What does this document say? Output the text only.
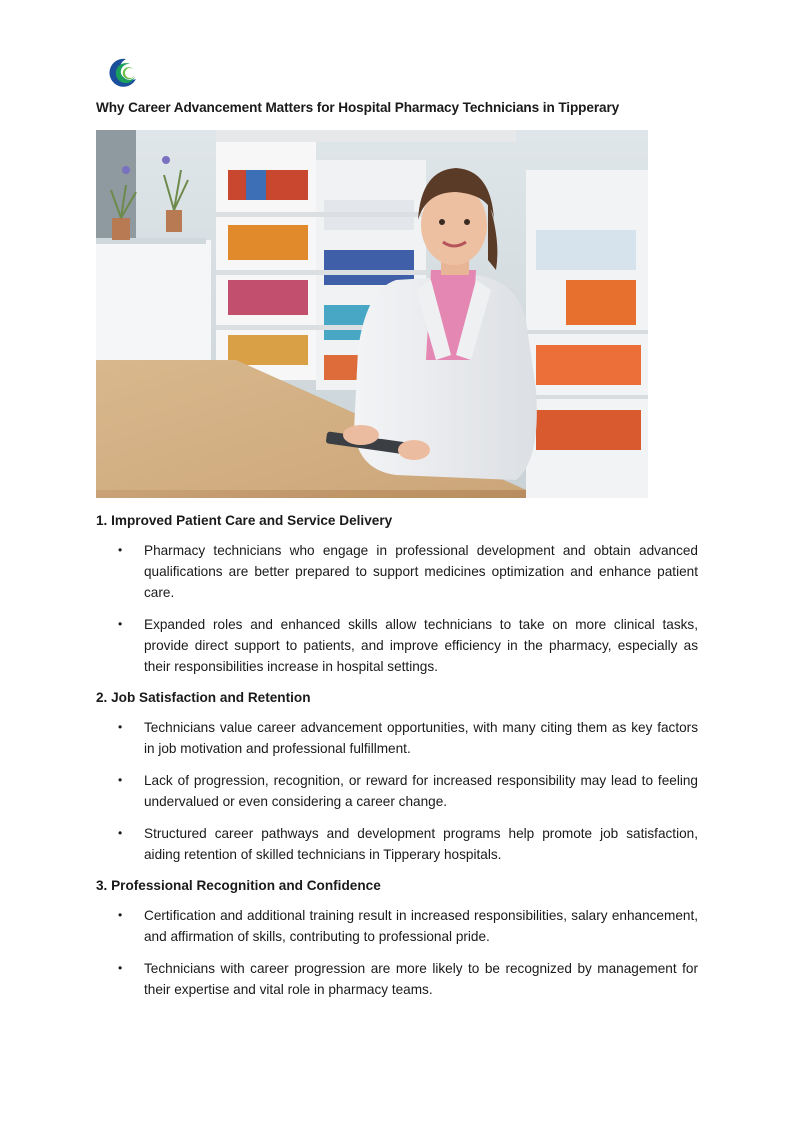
Why Career Advancement Matters for Hospital Pharmacy Technicians in Tipperary
1. Improved Patient Care and Service Delivery
• Pharmacy technicians who engage in professional development and obtain advanced qualifications are better prepared to support medicines optimization and enhance patient care.
• Expanded roles and enhanced skills allow technicians to take on more clinical tasks, provide direct support to patients, and improve efficiency in the pharmacy, especially as their responsibilities increase in hospital settings.
2. Job Satisfaction and Retention
• Technicians value career advancement opportunities, with many citing them as key factors in job motivation and professional fulfillment.
• Lack of progression, recognition, or reward for increased responsibility may lead to feeling undervalued or even considering a career change.
• Structured career pathways and development programs help promote job satisfaction, aiding retention of skilled technicians in Tipperary hospitals.
3. Professional Recognition and Confidence
• Certification and additional training result in increased responsibilities, salary enhancement, and affirmation of skills, contributing to professional pride.
• Technicians with career progression are more likely to be recognized by management for their expertise and vital role in pharmacy teams.
